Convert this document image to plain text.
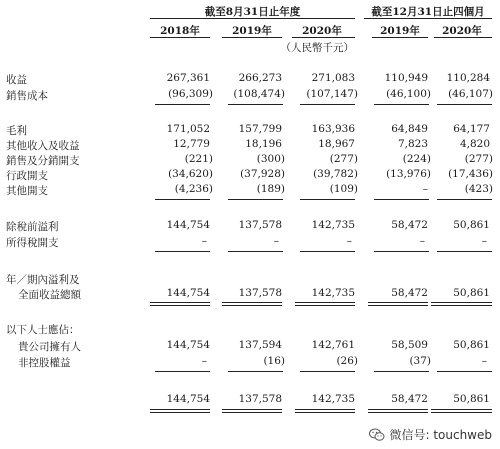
截至8月31日止年度	截至12月31日止四個月
2018年	2019年	2020年	2019年	2020年
（人民幣千元）
收益	267,361	266,273	271,083	110,949	110,284
銷售成本	(96,309)	(108,474)	(107,147)	(46,100)	(46,107)
毛利	171,052	157,799	163,936	64,849	64,177
其他收入及收益	12,779	18,196	18,967	7,823	4,820
銷售及分銷開支	(221)	(300)	(277)	(224)	(277)
行政開支	(34,620)	(37,928)	(39,782)	(13,976)	(17,436)
其他開支	(4,236)	(189)	(109)	–	(423)
除稅前溢利	144,754	137,578	142,735	58,472	50,861
所得稅開支	–	–	–	–	–
年／期內溢利及
全面收益總額	144,754	137,578	142,735	58,472	50,861
以下人士應佔：
貴公司擁有人	144,754	137,594	142,761	58,509	50,861
非控股權益	–	(16)	(26)	(37)	–
144,754	137,578	142,735	58,472	50,861
微信号: touchweb
